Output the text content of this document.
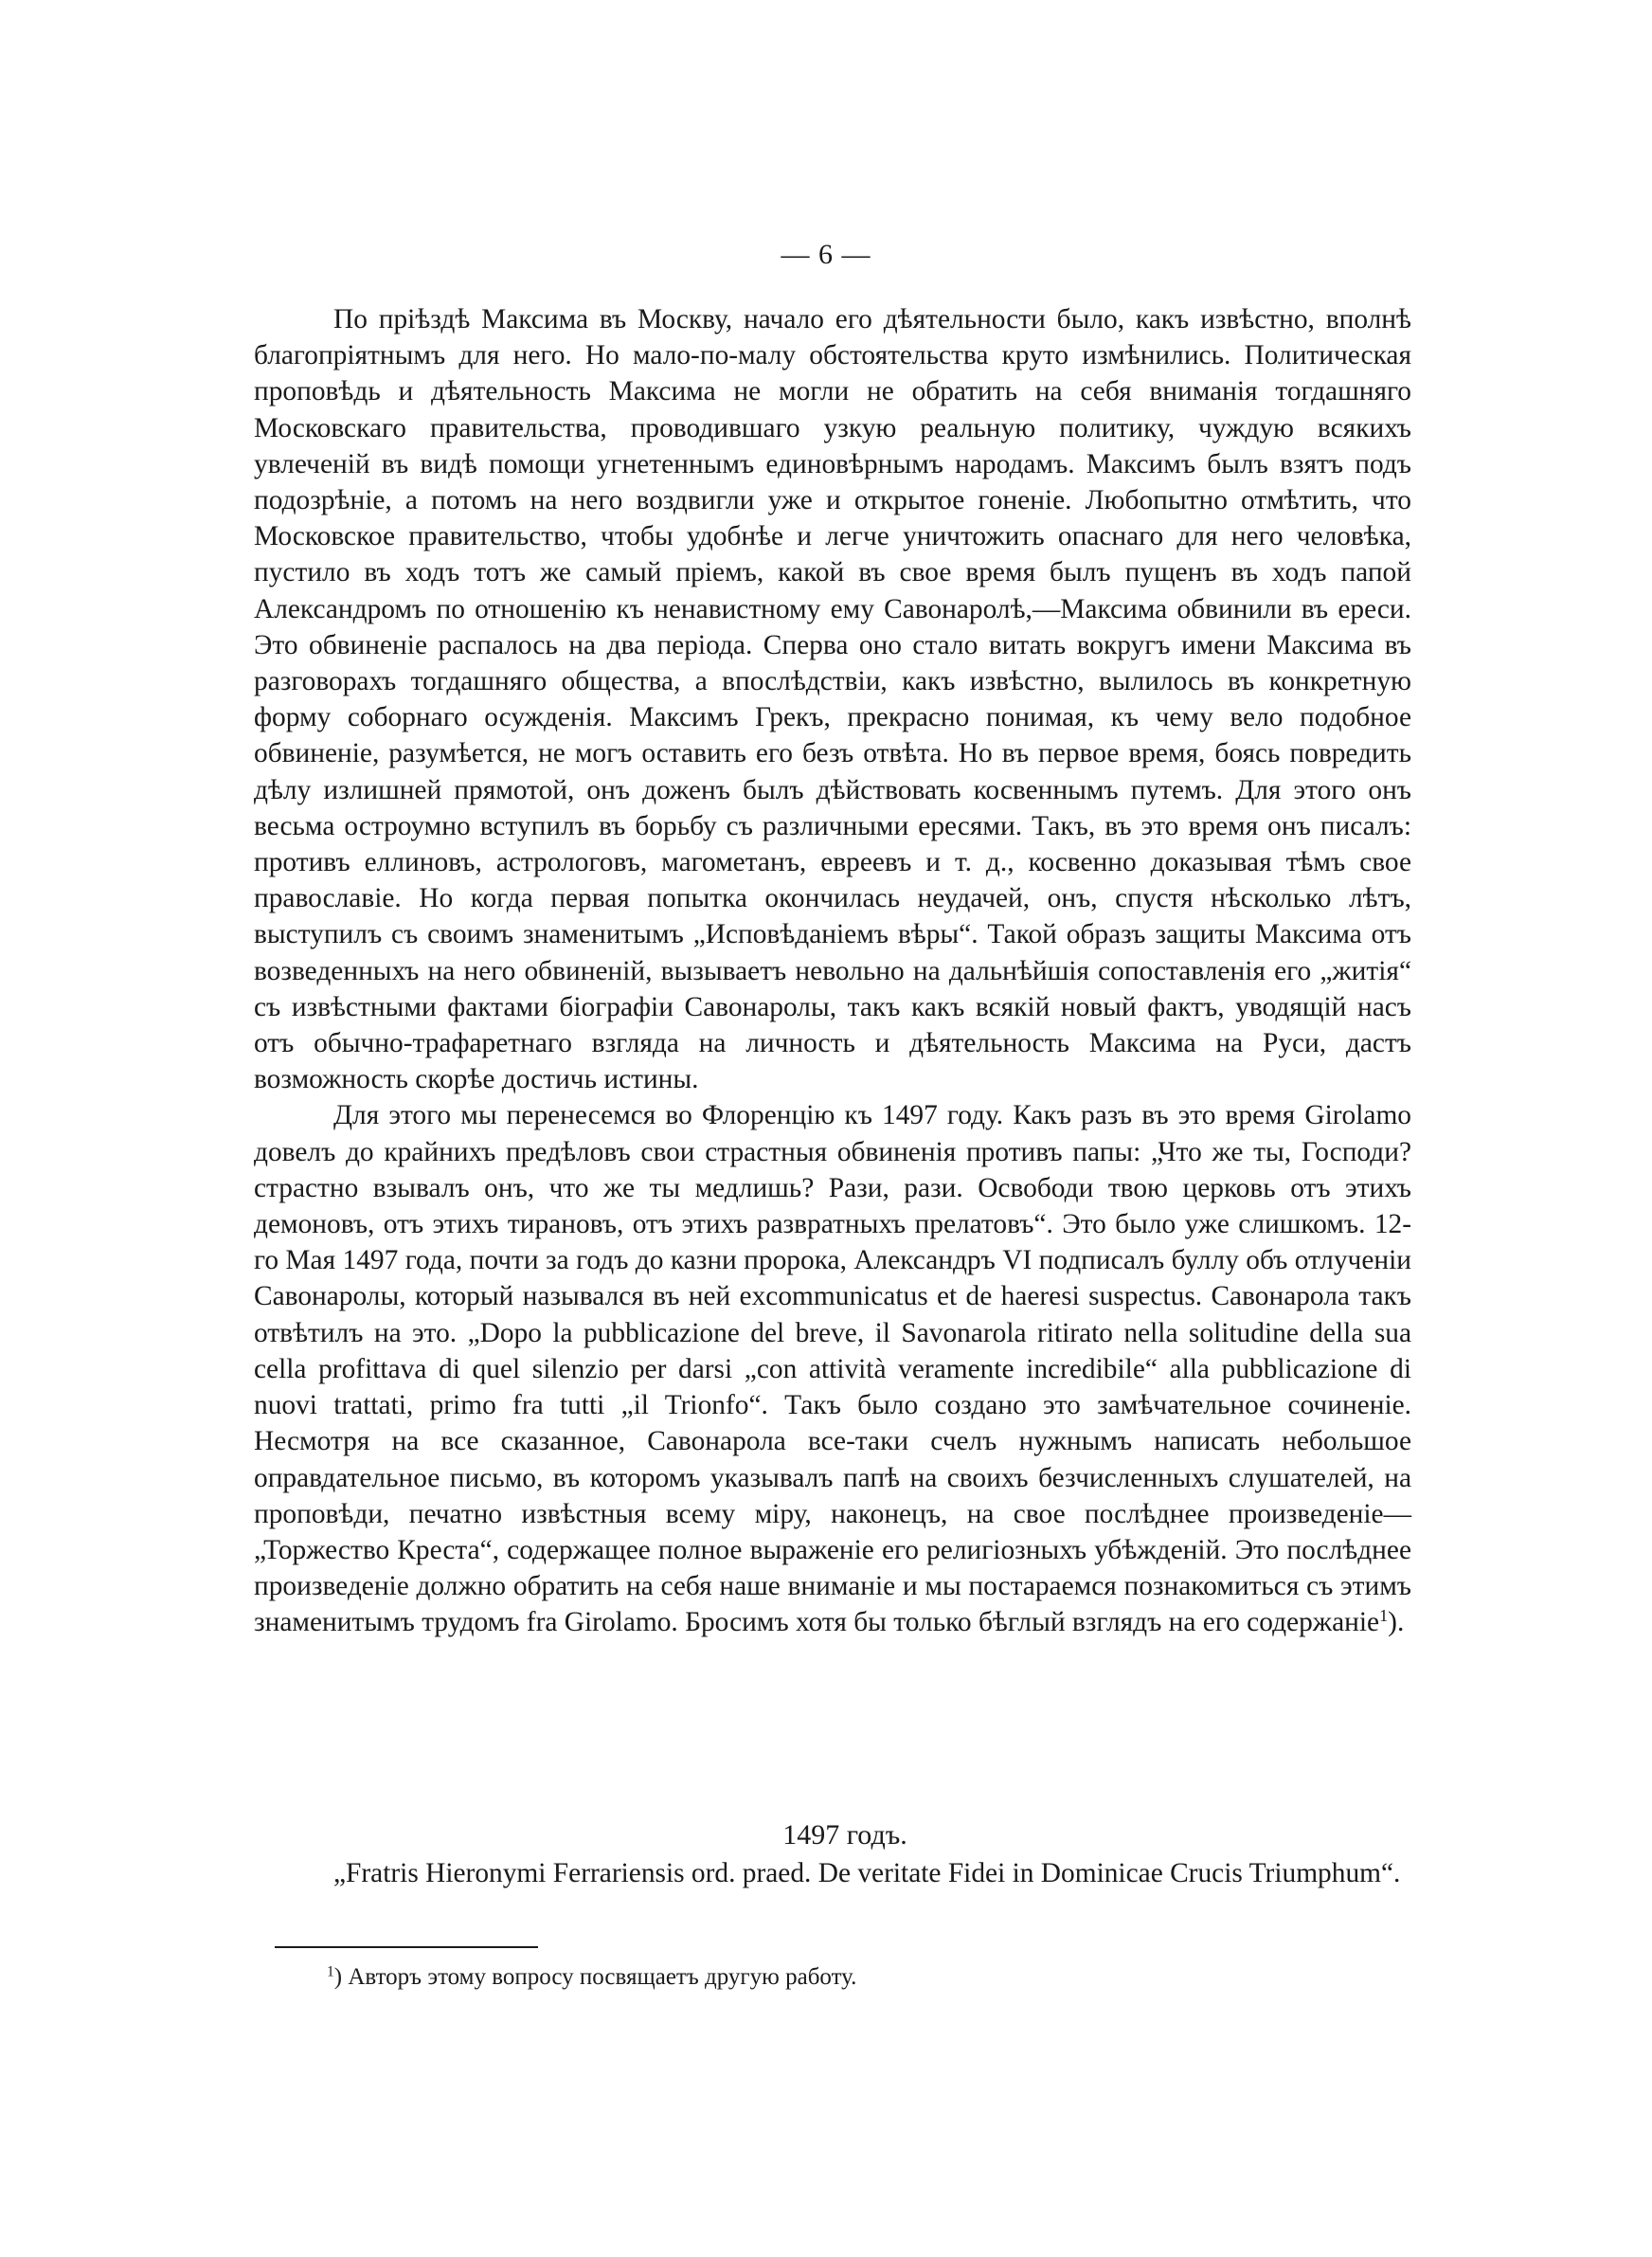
— 6 —

По прiѣздѣ Максима въ Москву, начало его дѣятельности было, какъ извѣстно, вполнѣ благопрiятнымъ для него. Но мало-по-малу обстоятельства круто измѣнились. Политическая проповѣдь и дѣятельность Максима не могли не обратить на себя вниманiя тогдашняго Московскаго правительства, проводившаго узкую реальную политику, чуждую всякихъ увлеченiй въ видѣ помощи угнетеннымъ единовѣрнымъ народамъ. Максимъ былъ взятъ подъ подозрѣнiе, а потомъ на него воздвигли уже и открытое гоненiе. Любопытно отмѣтить, что Московское правительство, чтобы удобнѣе и легче уничтожить опаснаго для него человѣка, пустило въ ходъ тотъ же самый прiемъ, какой въ свое время былъ пущенъ въ ходъ папой Александромъ по отношенiю къ ненавистному ему Савонаролѣ,—Максима обвинили въ ереси. Это обвиненiе распалось на два перiода. Сперва оно стало витать вокругъ имени Максима въ разговорахъ тогдашняго общества, а впослѣдствiи, какъ извѣстно, вылилось въ конкретную форму соборнаго осужденiя. Максимъ Грекъ, прекрасно понимая, къ чему вело подобное обвиненiе, разумѣется, не могъ оставить его безъ отвѣта. Но въ первое время, боясь повредить дѣлу излишней прямотой, онъ доженъ былъ дѣйствовать косвеннымъ путемъ. Для этого онъ весьма остроумно вступилъ въ борьбу съ различными ересями. Такъ, въ это время онъ писалъ: противъ еллиновъ, астрологовъ, магометанъ, евреевъ и т. д., косвенно доказывая тѣмъ свое православiе. Но когда первая попытка окончилась неудачей, онъ, спустя нѣсколько лѣтъ, выступилъ съ своимъ знаменитымъ „Исповѣданiемъ вѣры“. Такой образъ защиты Максима отъ возведенныхъ на него обвиненiй, вызываетъ невольно на дальнѣйшiя сопоставленiя его „житiя“ съ извѣстными фактами бiографiи Савонаролы, такъ какъ всякiй новый фактъ, уводящiй насъ отъ обычно-трафаретнаго взгляда на личность и дѣятельность Максима на Руси, дастъ возможность скорѣе достичь истины.

Для этого мы перенесемся во Флоренцiю къ 1497 году. Какъ разъ въ это время Girolamo довелъ до крайнихъ предѣловъ свои страстныя обвиненiя противъ папы: „Что же ты, Господи? страстно взывалъ онъ, что же ты медлишь? Рази, рази. Освободи твою церковь отъ этихъ демоновъ, отъ этихъ тирановъ, отъ этихъ развратныхъ прелатовъ“. Это было уже слишкомъ. 12-го Мая 1497 года, почти за годъ до казни пророка, Александръ VI подписалъ буллу объ отлученiи Савонаролы, который назывался въ ней excommunicatus et de haeresi suspectus. Савонарола такъ отвѣтилъ на это. „Dopo la pubblicazione del breve, il Savonarola ritirato nella solitudine della sua cella profittava di quel silenzio per darsi „con attività veramente incredibile“ alla pubblicazione di nuovi trattati, primo fra tutti „il Trionfo“. Такъ было создано это замѣчательное сочиненiе. Несмотря на все сказанное, Савонарола все-таки счелъ нужнымъ написать небольшое оправдательное письмо, въ которомъ указывалъ папѣ на своихъ безчисленныхъ слушателей, на проповѣди, печатно извѣстныя всему мiру, наконецъ, на свое послѣднее произведенiе—„Торжество Креста“, содержащее полное выраженiе его религiозныхъ убѣжденiй. Это послѣднее произведенiе должно обратить на себя наше вниманiе и мы постараемся познакомиться съ этимъ знаменитымъ трудомъ fra Girolamo. Бросимъ хотя бы только бѣглый взглядъ на его содержанiе$^1$).

1497 годъ.
„Fratris Hieronymi Ferrariensis ord. praed. De veritate Fidei in Dominicae Crucis Triumphum“.
$^1$) Авторъ этому вопросу посвящаетъ другую работу.
